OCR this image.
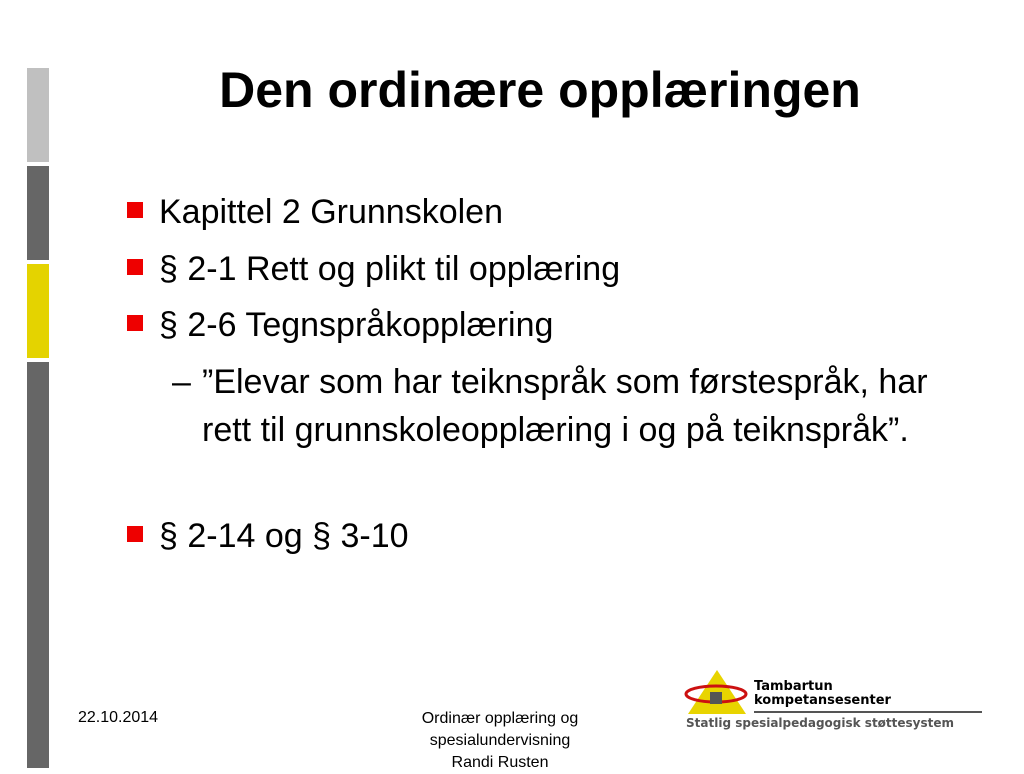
Den ordinære opplæringen
Kapittel 2 Grunnskolen
§ 2-1 Rett og plikt til opplæring
§ 2-6 Tegnspråkopplæring
– ”Elevar som har teiknspråk som førstespråk, har rett til grunnskoleopplæring i og på teiknspråk”.
§ 2-14 og § 3-10
22.10.2014	Ordinær opplæring og
spesialundervisning
Randi Rusten
Tambartun
kompetansesenter
Statlig spesialpedagogisk støttesystem
